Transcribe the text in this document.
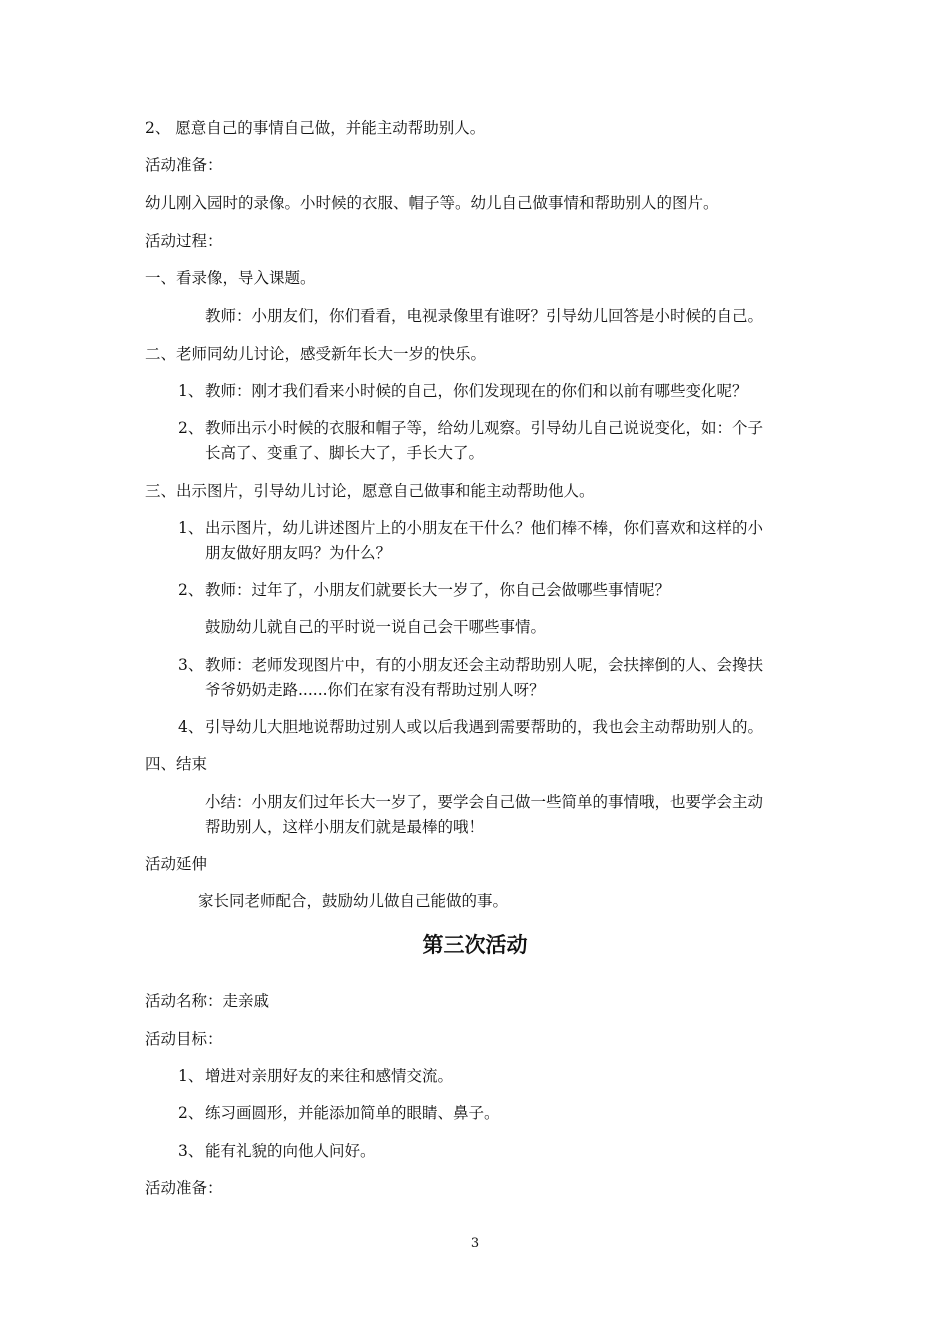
2、 愿意自己的事情自己做，并能主动帮助别人。
活动准备：
幼儿刚入园时的录像。小时候的衣服、帽子等。幼儿自己做事情和帮助别人的图片。
活动过程：
一、看录像，导入课题。
教师：小朋友们，你们看看，电视录像里有谁呀？引导幼儿回答是小时候的自己。
二、老师同幼儿讨论，感受新年长大一岁的快乐。
1、 教师：刚才我们看来小时候的自己，你们发现现在的你们和以前有哪些变化呢？
2、 教师出示小时候的衣服和帽子等，给幼儿观察。引导幼儿自己说说变化，如：个子
长高了、变重了、脚长大了，手长大了。
三、出示图片，引导幼儿讨论，愿意自己做事和能主动帮助他人。
1、 出示图片，幼儿讲述图片上的小朋友在干什么？他们棒不棒，你们喜欢和这样的小
朋友做好朋友吗？为什么？
2、 教师：过年了，小朋友们就要长大一岁了，你自己会做哪些事情呢？
鼓励幼儿就自己的平时说一说自己会干哪些事情。
3、 教师：老师发现图片中，有的小朋友还会主动帮助别人呢，会扶摔倒的人、会搀扶
爷爷奶奶走路......你们在家有没有帮助过别人呀？
4、 引导幼儿大胆地说帮助过别人或以后我遇到需要帮助的，我也会主动帮助别人的。
四、结束
小结：小朋友们过年长大一岁了，要学会自己做一些简单的事情哦，也要学会主动
帮助别人，这样小朋友们就是最棒的哦！
活动延伸
家长同老师配合，鼓励幼儿做自己能做的事。
第三次活动
活动名称：走亲戚
活动目标：
1、 增进对亲朋好友的来往和感情交流。
2、 练习画圆形，并能添加简单的眼睛、鼻子。
3、 能有礼貌的向他人问好。
活动准备：
3
